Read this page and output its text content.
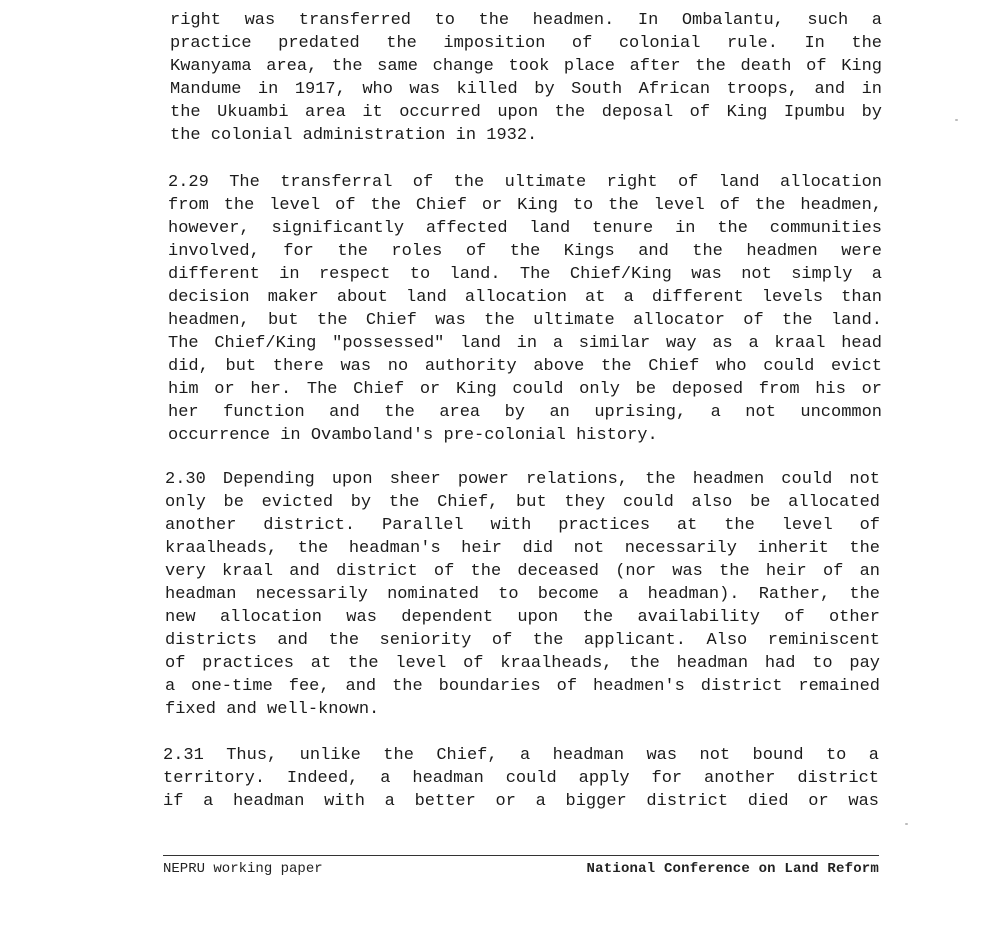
right was transferred to the headmen. In Ombalantu, such a
practice predated the imposition of colonial rule. In the
Kwanyama area, the same change took place after the death of King
Mandume in 1917, who was killed by South African troops, and in
the Ukuambi area it occurred upon the deposal of King Ipumbu by
the colonial administration in 1932.
2.29 The transferral of the ultimate right of land allocation
from the level of the Chief or King to the level of the headmen,
however, significantly affected land tenure in the communities
involved, for the roles of the Kings and the headmen were
different in respect to land. The Chief/King was not simply a
decision maker about land allocation at a different levels than
headmen, but the Chief was the ultimate allocator of the land.
The Chief/King "possessed" land in a similar way as a kraal head
did, but there was no authority above the Chief who could evict
him or her. The Chief or King could only be deposed from his or
her function and the area by an uprising, a not uncommon
occurrence in Ovamboland's pre-colonial history.
2.30 Depending upon sheer power relations, the headmen could not
only be evicted by the Chief, but they could also be allocated
another district. Parallel with practices at the level of
kraalheads, the headman's heir did not necessarily inherit the
very kraal and district of the deceased (nor was the heir of an
headman necessarily nominated to become a headman). Rather, the
new allocation was dependent upon the availability of other
districts and the seniority of the applicant. Also reminiscent
of practices at the level of kraalheads, the headman had to pay
a one-time fee, and the boundaries of headmen's district remained
fixed and well-known.
2.31 Thus, unlike the Chief, a headman was not bound to a
territory. Indeed, a headman could apply for another district
if a headman with a better or a bigger district died or was
NEPRU working paper	National Conference on Land Reform
